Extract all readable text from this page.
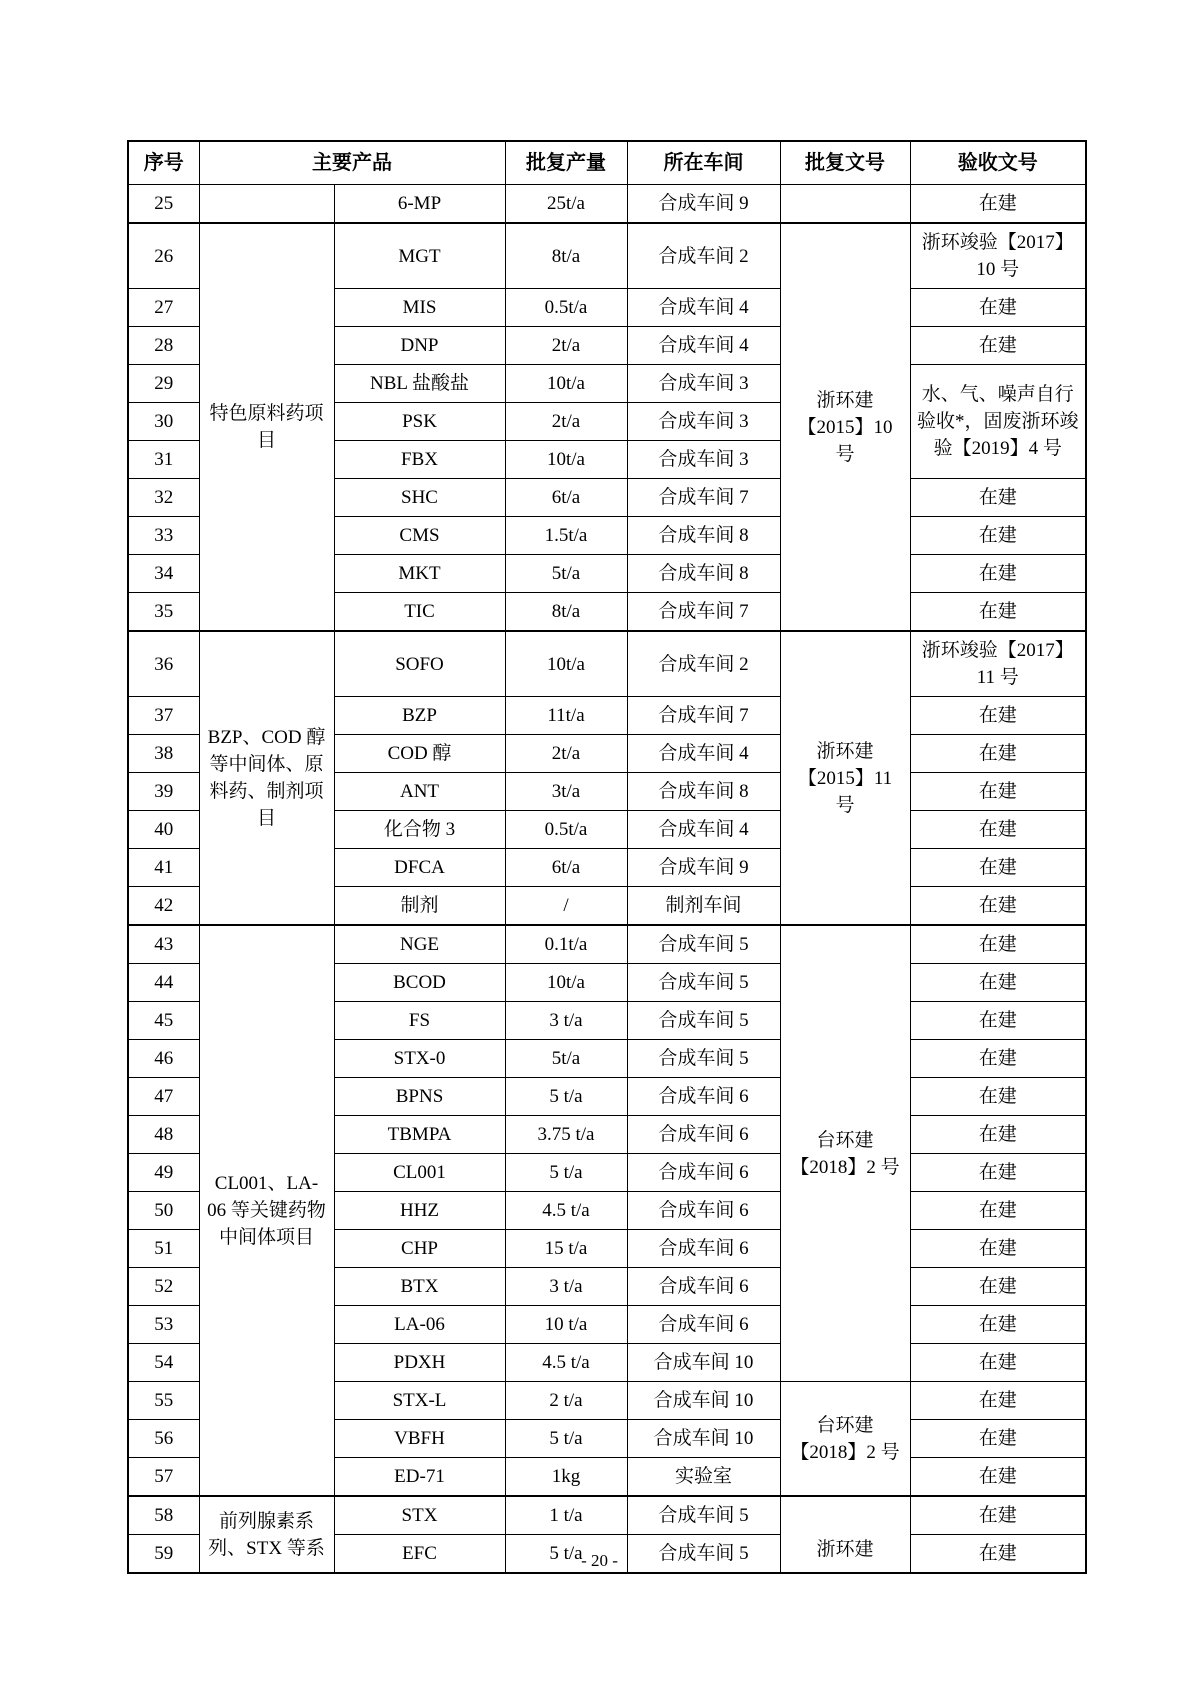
序号	主要产品		批复产量	所在车间	批复文号	验收文号
25		6-MP	25t/a	合成车间 9		在建
26	特色原料药项目	MGT	8t/a	合成车间 2	浙环建【2015】10 号	浙环竣验【2017】10 号
27		MIS	0.5t/a	合成车间 4		在建
28		DNP	2t/a	合成车间 4		在建
29		NBL 盐酸盐	10t/a	合成车间 3		水、气、噪声自行验收*，固废浙环竣验【2019】4 号
30		PSK	2t/a	合成车间 3		
31		FBX	10t/a	合成车间 3		
32		SHC	6t/a	合成车间 7		在建
33		CMS	1.5t/a	合成车间 8		在建
34		MKT	5t/a	合成车间 8		在建
35		TIC	8t/a	合成车间 7		在建
36	BZP、COD 醇等中间体、原料药、制剂项目	SOFO	10t/a	合成车间 2	浙环建【2015】11 号	浙环竣验【2017】11 号
37		BZP	11t/a	合成车间 7		在建
38		COD 醇	2t/a	合成车间 4		在建
39		ANT	3t/a	合成车间 8		在建
40		化合物 3	0.5t/a	合成车间 4		在建
41		DFCA	6t/a	合成车间 9		在建
42		制剂	/	制剂车间		在建
43	CL001、LA-06 等关键药物中间体项目	NGE	0.1t/a	合成车间 5	台环建【2018】2 号	在建
44		BCOD	10t/a	合成车间 5		在建
45		FS	3 t/a	合成车间 5		在建
46		STX-0	5t/a	合成车间 5		在建
47		BPNS	5 t/a	合成车间 6		在建
48		TBMPA	3.75 t/a	合成车间 6		在建
49		CL001	5 t/a	合成车间 6		在建
50		HHZ	4.5 t/a	合成车间 6		在建
51		CHP	15 t/a	合成车间 6		在建
52		BTX	3 t/a	合成车间 6		在建
53		LA-06	10 t/a	合成车间 6		在建
54		PDXH	4.5 t/a	合成车间 10		在建
55		STX-L	2 t/a	合成车间 10	台环建【2018】2 号	在建
56		VBFH	5 t/a	合成车间 10		在建
57		ED-71	1kg	实验室		在建
58	前列腺素系列、STX 等系	STX	1 t/a	合成车间 5	浙环建	在建
59		EFC	5 t/a	合成车间 5		在建
- 20 -
